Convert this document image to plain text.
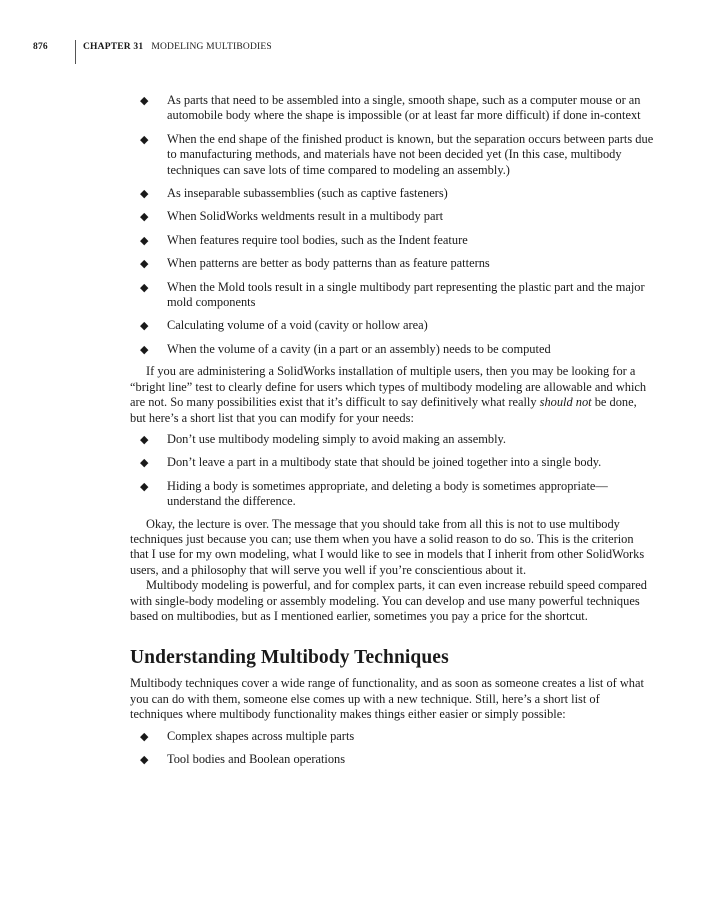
876	CHAPTER 31 MODELING MULTIBODIES
◆ As parts that need to be assembled into a single, smooth shape, such as a computer mouse or an automobile body where the shape is impossible (or at least far more difficult) if done in-context
◆ When the end shape of the finished product is known, but the separation occurs between parts due to manufacturing methods, and materials have not been decided yet (In this case, multibody techniques can save lots of time compared to modeling an assembly.)
◆ As inseparable subassemblies (such as captive fasteners)
◆ When SolidWorks weldments result in a multibody part
◆ When features require tool bodies, such as the Indent feature
◆ When patterns are better as body patterns than as feature patterns
◆ When the Mold tools result in a single multibody part representing the plastic part and the major mold components
◆ Calculating volume of a void (cavity or hollow area)
◆ When the volume of a cavity (in a part or an assembly) needs to be computed

If you are administering a SolidWorks installation of multiple users, then you may be looking for a “bright line” test to clearly define for users which types of multibody modeling are allowable and which are not. So many possibilities exist that it’s difficult to say definitively what really should not be done, but here’s a short list that you can modify for your needs:

◆ Don’t use multibody modeling simply to avoid making an assembly.
◆ Don’t leave a part in a multibody state that should be joined together into a single body.
◆ Hiding a body is sometimes appropriate, and deleting a body is sometimes appropriate—understand the difference.

Okay, the lecture is over. The message that you should take from all this is not to use multibody techniques just because you can; use them when you have a solid reason to do so. This is the criterion that I use for my own modeling, what I would like to see in models that I inherit from other SolidWorks users, and a philosophy that will serve you well if you’re conscientious about it.

Multibody modeling is powerful, and for complex parts, it can even increase rebuild speed compared with single-body modeling or assembly modeling. You can develop and use many powerful techniques based on multibodies, but as I mentioned earlier, sometimes you pay a price for the shortcut.

Understanding Multibody Techniques

Multibody techniques cover a wide range of functionality, and as soon as someone creates a list of what you can do with them, someone else comes up with a new technique. Still, here’s a short list of techniques where multibody functionality makes things either easier or simply possible:

◆ Complex shapes across multiple parts
◆ Tool bodies and Boolean operations
